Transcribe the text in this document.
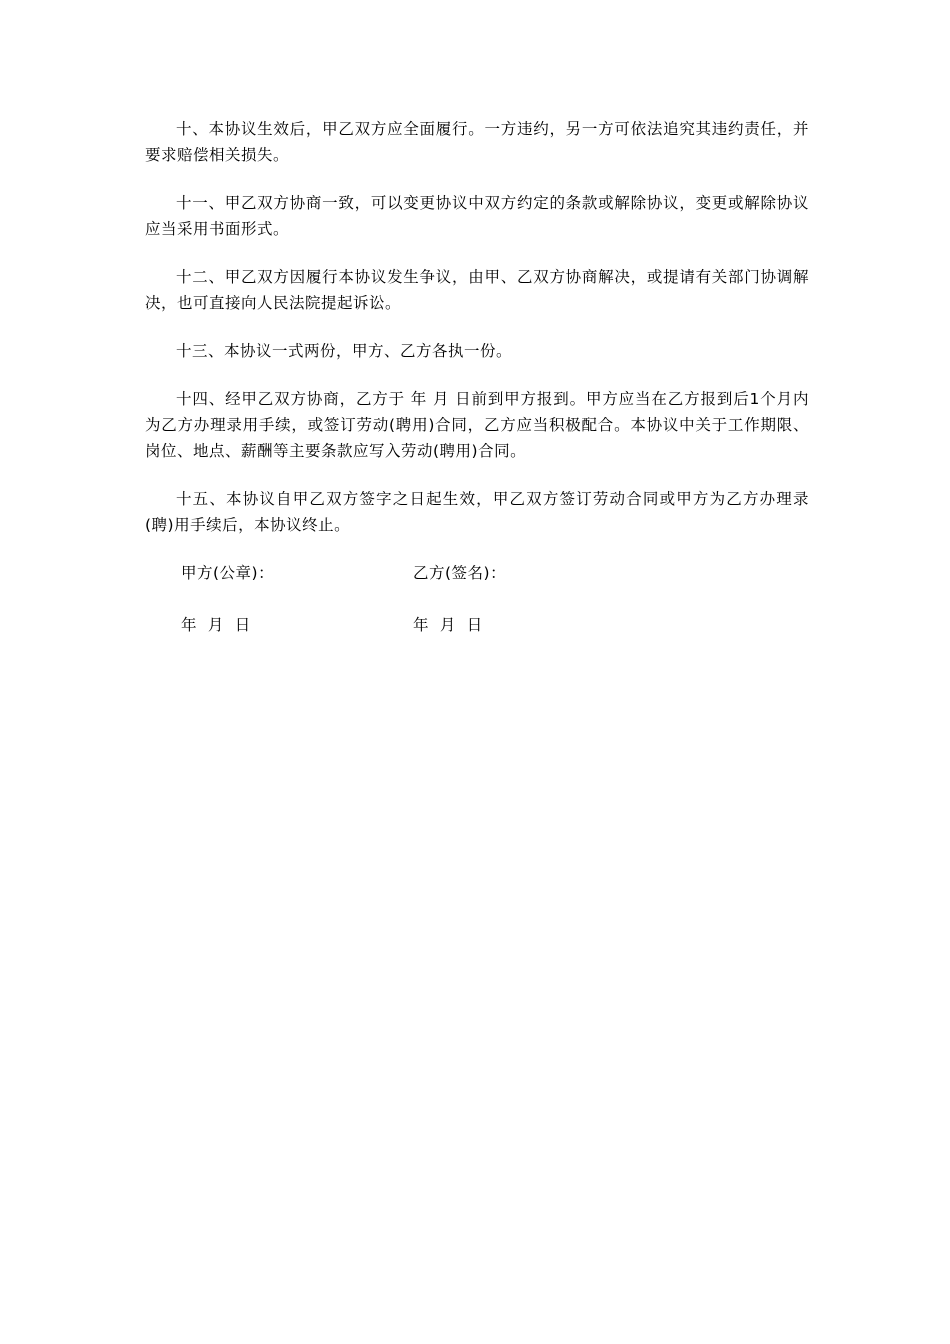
十、本协议生效后，甲乙双方应全面履行。一方违约，另一方可依法追究其违约责任，并要求赔偿相关损失。

十一、甲乙双方协商一致，可以变更协议中双方约定的条款或解除协议，变更或解除协议应当采用书面形式。

十二、甲乙双方因履行本协议发生争议，由甲、乙双方协商解决，或提请有关部门协调解决，也可直接向人民法院提起诉讼。

十三、本协议一式两份，甲方、乙方各执一份。

十四、经甲乙双方协商，乙方于 年 月 日前到甲方报到。甲方应当在乙方报到后1个月内为乙方办理录用手续，或签订劳动(聘用)合同，乙方应当积极配合。本协议中关于工作期限、岗位、地点、薪酬等主要条款应写入劳动(聘用)合同。

十五、本协议自甲乙双方签字之日起生效，甲乙双方签订劳动合同或甲方为乙方办理录(聘)用手续后，本协议终止。

甲方(公章)：	乙方(签名)：
年  月  日	年  月  日
